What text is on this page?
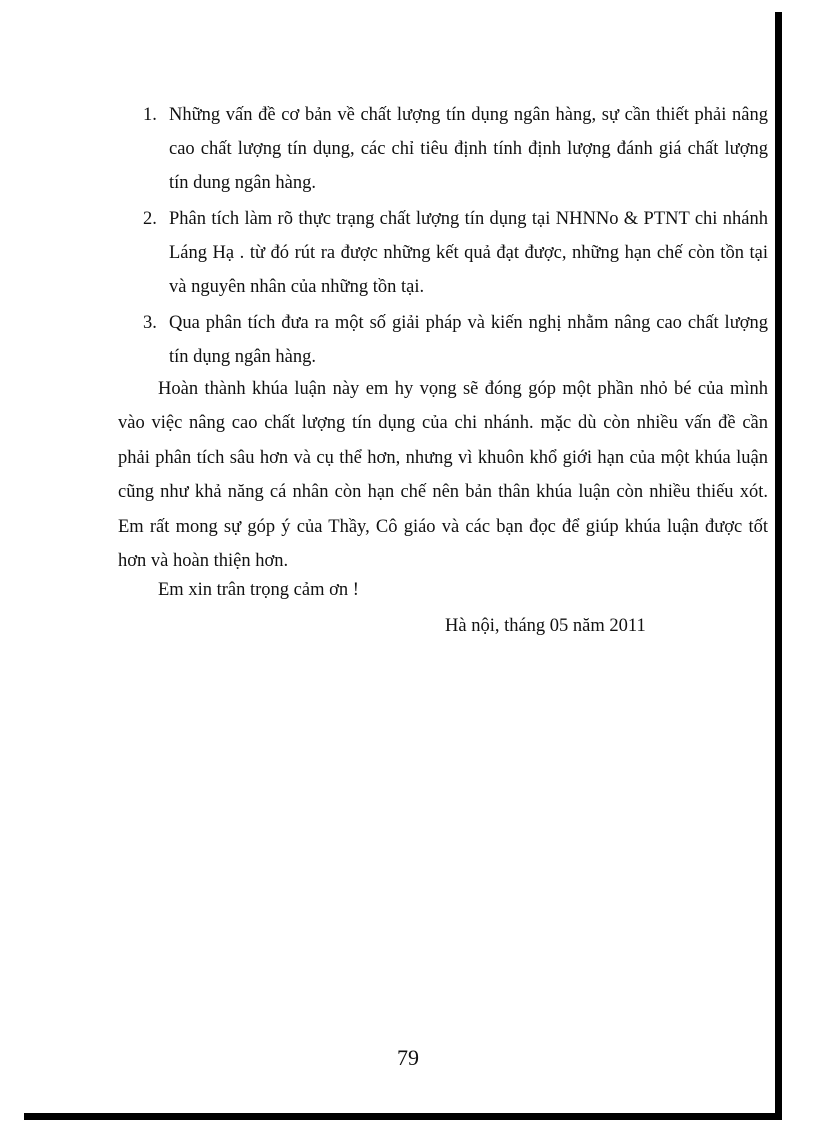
1. Những vấn đề cơ bản về chất lượng tín dụng ngân hàng, sự cần thiết phải nâng cao chất lượng tín dụng, các chỉ tiêu định tính định lượng đánh giá chất lượng tín dung ngân hàng.
2. Phân tích làm rõ thực trạng chất lượng tín dụng tại NHNNo & PTNT chi nhánh Láng Hạ . từ đó rút ra được những kết quả đạt được, những hạn chế còn tồn tại và nguyên nhân của những tồn tại.
3. Qua phân tích đưa ra một số giải pháp và kiến nghị nhằm nâng cao chất lượng tín dụng ngân hàng.

Hoàn thành khúa luận này em hy vọng sẽ đóng góp một phần nhỏ bé của mình vào việc nâng cao chất lượng tín dụng của chi nhánh. mặc dù còn nhiều vấn đề cần phải phân tích sâu hơn và cụ thể hơn, nhưng vì khuôn khổ giới hạn của một khúa luận cũng như khả năng cá nhân còn hạn chế nên bản thân khúa luận còn nhiều thiếu xót. Em rất mong sự góp ý của Thầy, Cô giáo và các bạn đọc để giúp khúa luận được tốt hơn và hoàn thiện hơn.

Em xin trân trọng cảm ơn !

Hà nội, tháng 05 năm 2011

79
